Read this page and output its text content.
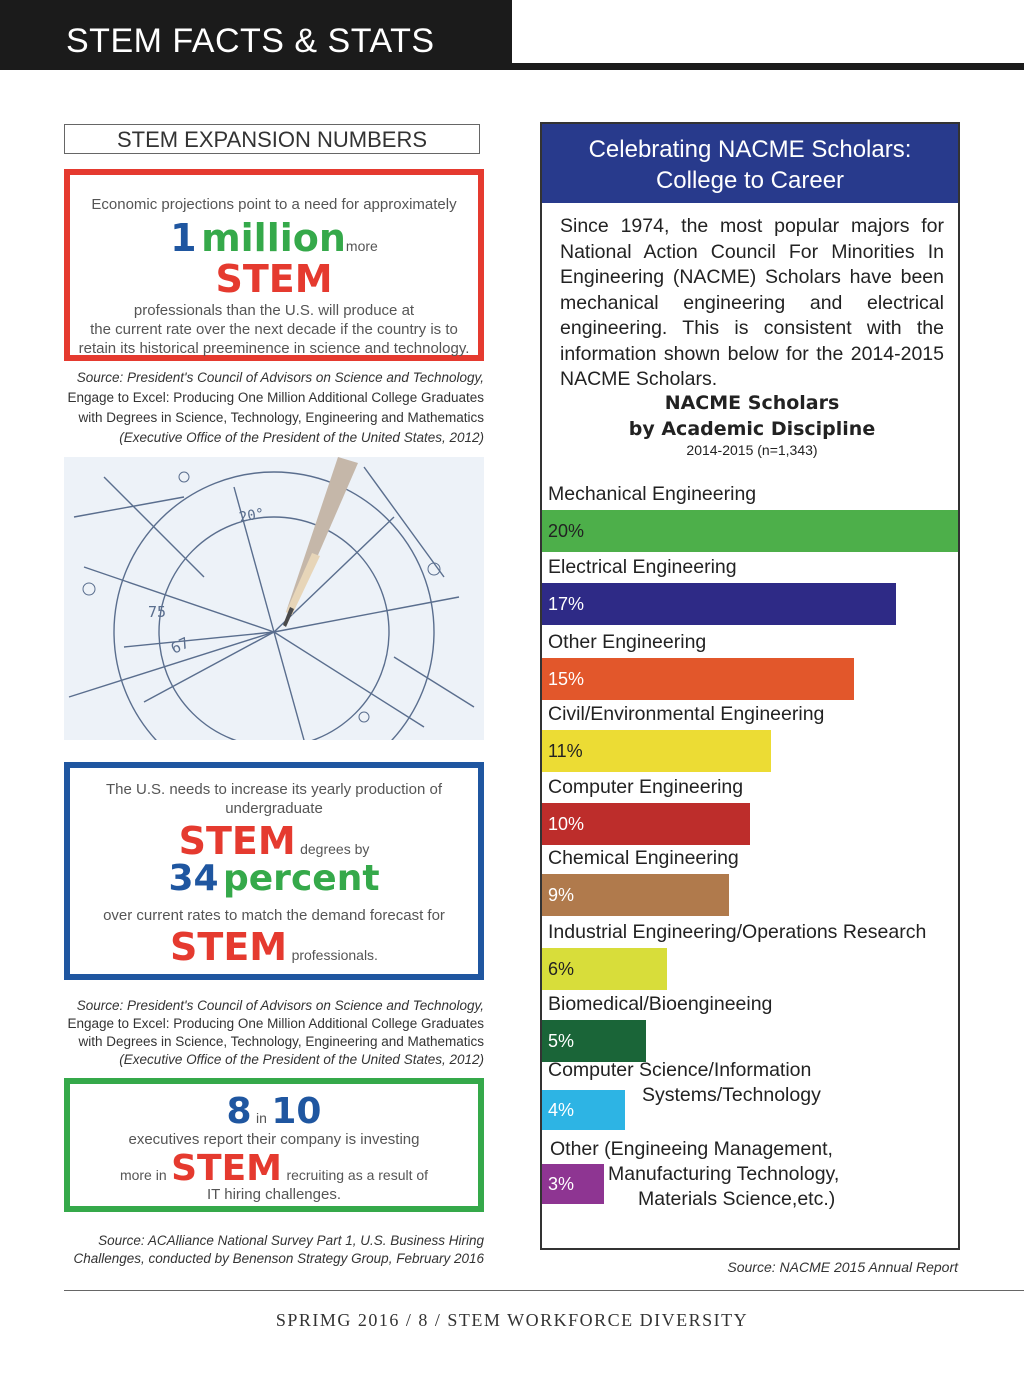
STEM FACTS & STATS
STEM EXPANSION NUMBERS
Economic projections point to a need for approximately
1 millionmore
STEM
professionals than the U.S. will produce at
the current rate over the next decade if the country is to
retain its historical preeminence in science and technology.
Source: President's Council of Advisors on Science and Technology,
Engage to Excel: Producing One Million Additional College Graduates
with Degrees in Science, Technology, Engineering and Mathematics
(Executive Office of the President of the United States, 2012)
20°
75
67
The U.S. needs to increase its yearly production of
undergraduate
STEM degrees by
34 percent
over current rates to match the demand forecast for
STEM professionals.
Source: President's Council of Advisors on Science and Technology,
Engage to Excel: Producing One Million Additional College Graduates
with Degrees in Science, Technology, Engineering and Mathematics
(Executive Office of the President of the United States, 2012)
8 in 10
executives report their company is investing
more in STEM recruiting as a result of
IT hiring challenges.
Source: ACAlliance National Survey Part 1, U.S. Business Hiring
Challenges, conducted by Benenson Strategy Group, February 2016
Celebrating NACME Scholars:
College to Career
Since 1974, the most popular majors for National Action Council For Minorities In Engineering (NACME) Scholars have been mechanical engineering and electrical engineering. This is consistent with the information shown below for the 2014-2015 NACME Scholars.
NACME Scholars
by Academic Discipline
2014-2015 (n=1,343)
Mechanical Engineering
20%
Electrical Engineering
17%
Other Engineering
15%
Civil/Environmental Engineering
11%
Computer Engineering
10%
Chemical Engineering
9%
Industrial Engineering/Operations Research
6%
Biomedical/Bioengineeing
5%
Computer Science/Information
Systems/Technology
4%
Other (Engineeing Management,
Manufacturing Technology,
Materials Science,etc.)
3%
Source: NACME 2015 Annual Report
SPRIMG 2016 / 8 / STEM WORKFORCE DIVERSITY
